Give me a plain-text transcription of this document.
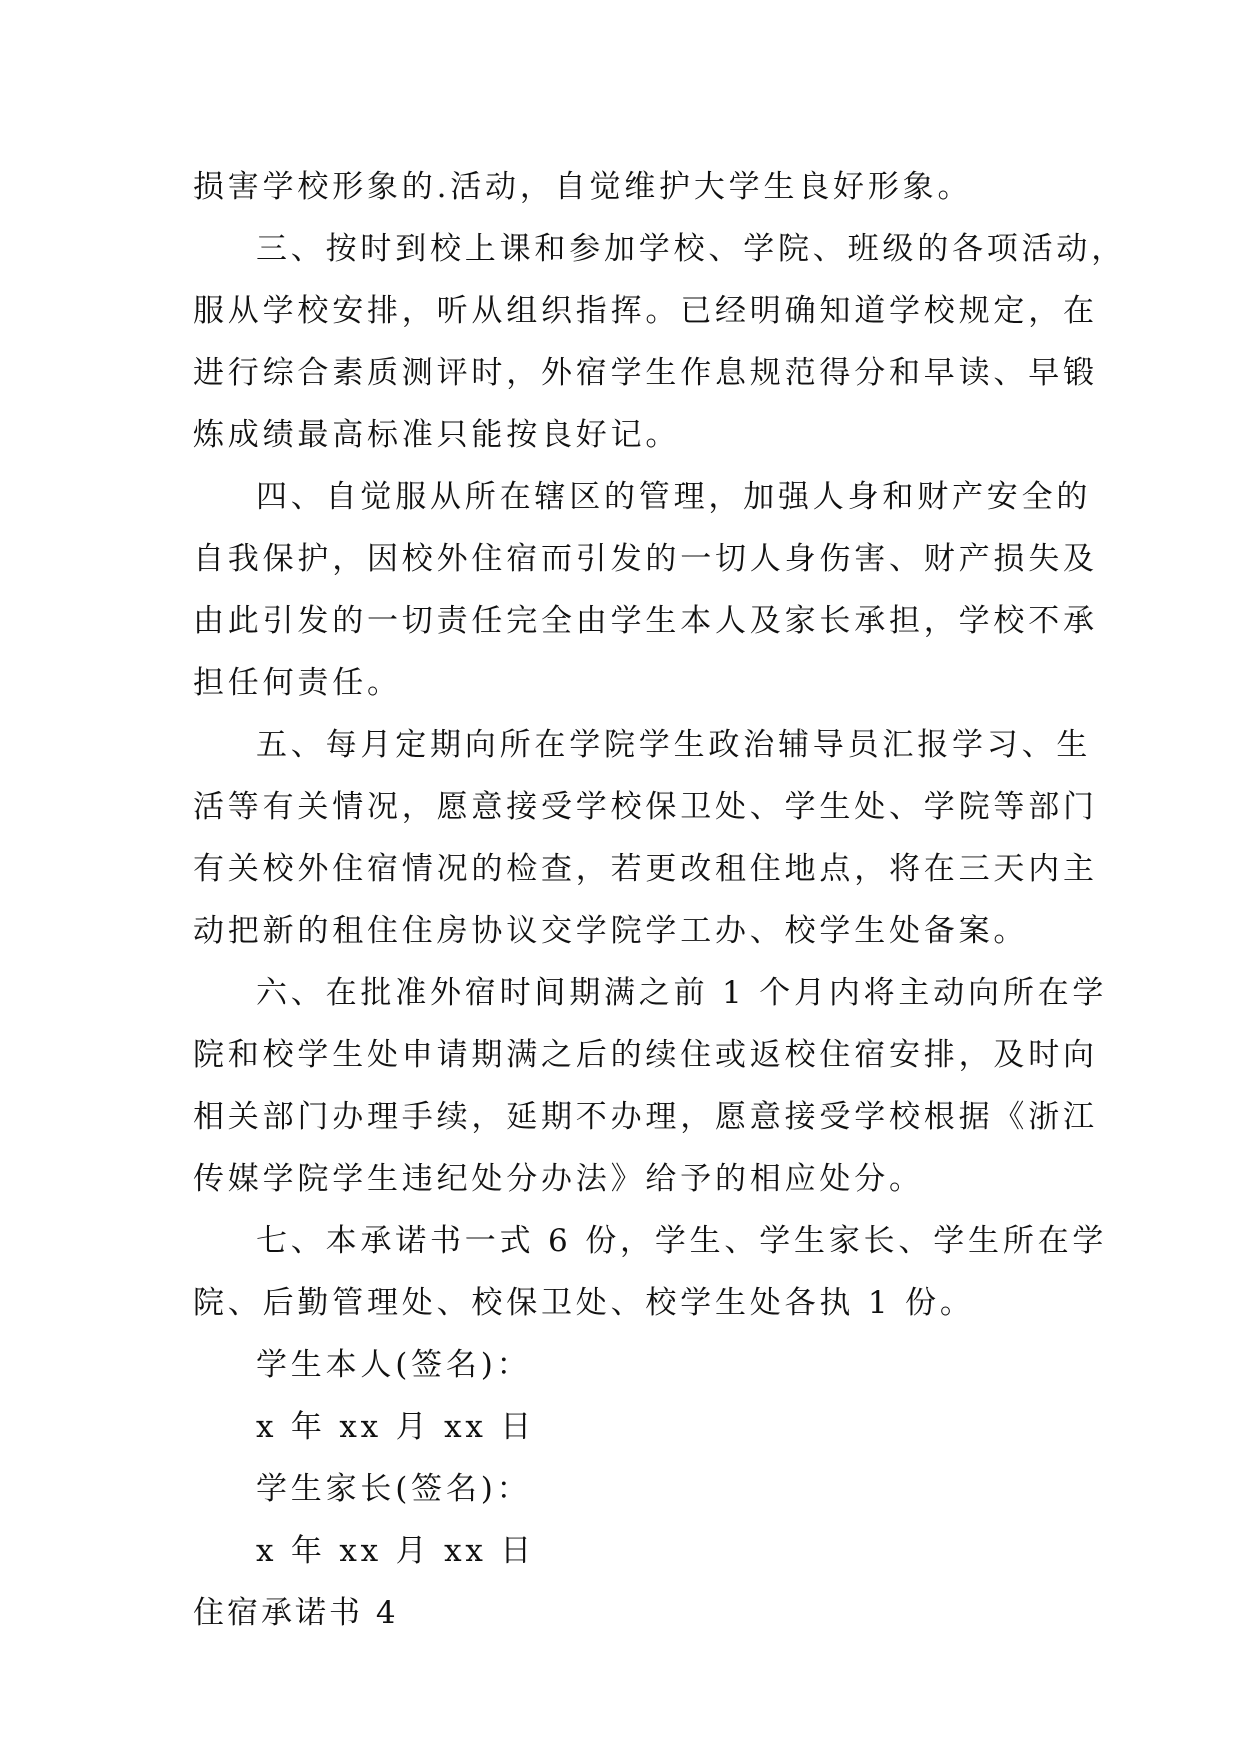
损害学校形象的.活动，自觉维护大学生良好形象。
三、按时到校上课和参加学校、学院、班级的各项活动，
服从学校安排，听从组织指挥。已经明确知道学校规定，在
进行综合素质测评时，外宿学生作息规范得分和早读、早锻
炼成绩最高标准只能按良好记。
四、自觉服从所在辖区的管理，加强人身和财产安全的
自我保护，因校外住宿而引发的一切人身伤害、财产损失及
由此引发的一切责任完全由学生本人及家长承担，学校不承
担任何责任。
五、每月定期向所在学院学生政治辅导员汇报学习、生
活等有关情况，愿意接受学校保卫处、学生处、学院等部门
有关校外住宿情况的检查，若更改租住地点，将在三天内主
动把新的租住住房协议交学院学工办、校学生处备案。
六、在批准外宿时间期满之前 1 个月内将主动向所在学
院和校学生处申请期满之后的续住或返校住宿安排，及时向
相关部门办理手续，延期不办理，愿意接受学校根据《浙江
传媒学院学生违纪处分办法》给予的相应处分。
七、本承诺书一式 6 份，学生、学生家长、学生所在学
院、后勤管理处、校保卫处、校学生处各执 1 份。
学生本人(签名)：
x 年 xx 月 xx 日
学生家长(签名)：
x 年 xx 月 xx 日
住宿承诺书 4
